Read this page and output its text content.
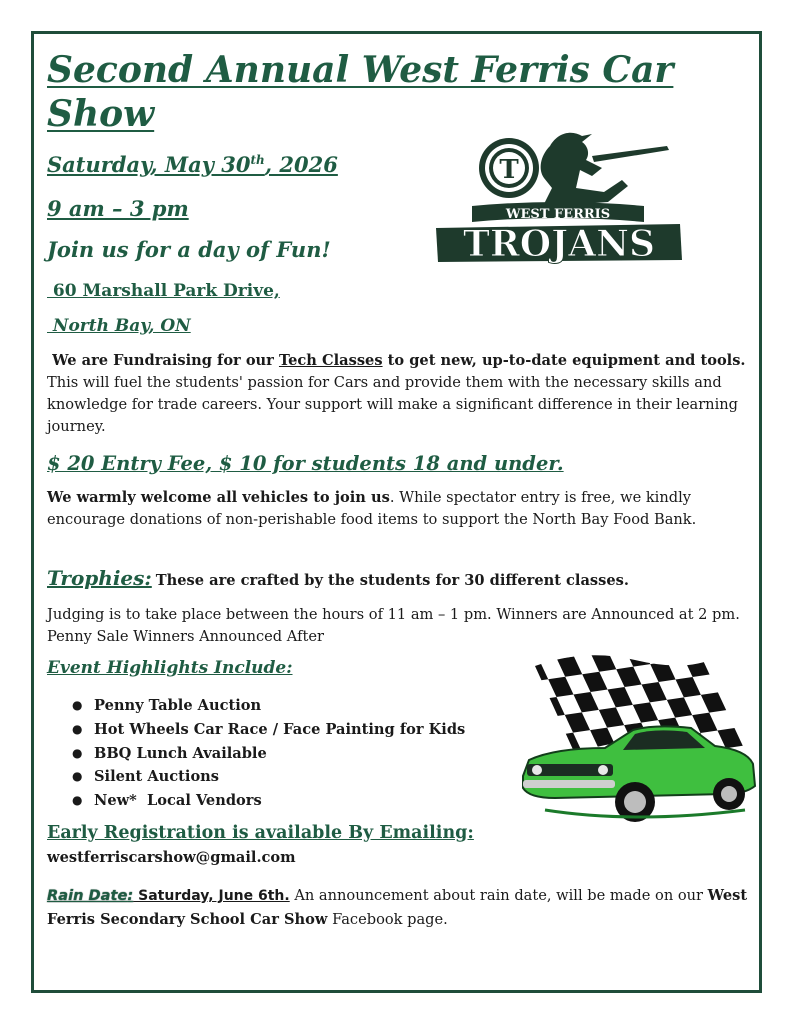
Second Annual West Ferris Car Show
Saturday, May 30th, 2026
9 am – 3 pm
Join us for a day of Fun!
60 Marshall Park Drive,
North Bay, ON
T
WEST FERRIS
TROJANS

We are Fundraising for our Tech Classes to get new, up-to-date equipment and tools. This will fuel the students' passion for Cars and provide them with the necessary skills and knowledge for trade careers. Your support will make a significant difference in their learning journey.

$ 20 Entry Fee, $ 10 for students 18 and under.

We warmly welcome all vehicles to join us. While spectator entry is free, we kindly encourage donations of non-perishable food items to support the North Bay Food Bank.

Trophies: These are crafted by the students for 30 different classes.

Judging is to take place between the hours of 11 am – 1 pm. Winners are Announced at 2 pm. Penny Sale Winners Announced After

Event Highlights Include:
● Penny Table Auction
● Hot Wheels Car Race / Face Painting for Kids
● BBQ Lunch Available
● Silent Auctions
● New*  Local Vendors
Early Registration is available By Emailing:
westferriscarshow@gmail.com

Rain Date: Saturday, June 6th. An announcement about rain date, will be made on our West Ferris Secondary School Car Show Facebook page.
